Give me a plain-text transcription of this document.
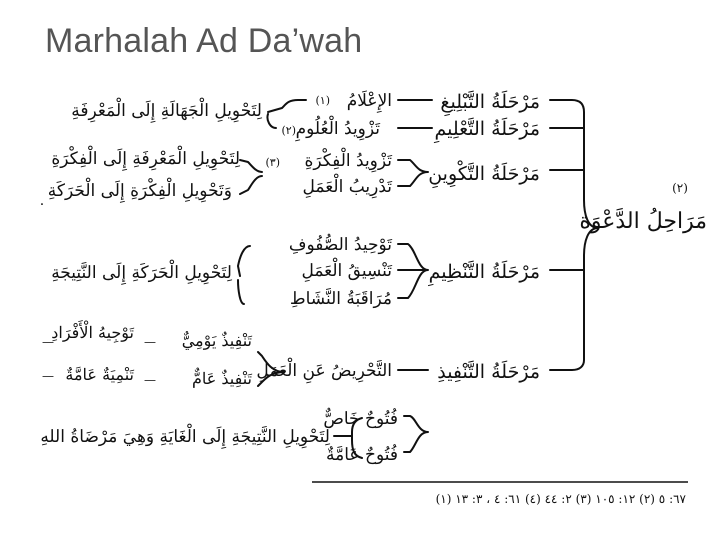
Marhalah Ad Da’wah
مَرَاحِلُ الدَّعْوَة
(٢)
مَرْحَلَةُ التَّبْلِيغِ
مَرْحَلَةُ التَّعْلِيمِ
مَرْحَلَةُ التَّكْوِينِ
مَرْحَلَةُ التَّنْظِيمِ
مَرْحَلَةُ التَّنْفِيذِ
الإِعْلَامُ
(١)
تَزْوِيدُ الْعُلُومِ
(٢)
تَزْوِيدُ الْفِكْرَةِ
(٣)
تَدْرِيبُ الْعَمَلِ
تَوْحِيدُ الصُّفُوفِ
تَنْسِيقُ الْعَمَلِ
مُرَاقَبَةُ النَّشَاطِ
التَّحْرِيضُ عَنِ الْعَمَلِ
فُتُوحٌ خَاصٌّ
فُتُوحٌ عَامَّةٌ
لِتَحْوِيلِ الْجَهَالَةِ إِلَى الْمَعْرِفَةِ
لِتَحْوِيلِ الْمَعْرِفَةِ إِلَى الْفِكْرَةِ
وَتَحْوِيلِ الْفِكْرَةِ إِلَى الْحَرَكَةِ
.
لِتَحْوِيلِ الْحَرَكَةِ إِلَى النَّتِيجَةِ
لِتَحْوِيلِ النَّتِيجَةِ إِلَى الْغَايَةِ وَهِيَ مَرْضَاةُ اللهِ
تَنْفِيذٌ يَوْمِيٌّ
—
تَوْجِيهُ الْأَفْرَادِ
—
تَنْفِيذٌ عَامٌّ
—
تَنْمِيَةٌ عَامَّةٌ
—
(١) ٦٧: ٥ (٢) ١٢: ١٠٥ (٣) ٢: ٤٤ (٤) ٦١: ٤ ، ٣: ١٣
